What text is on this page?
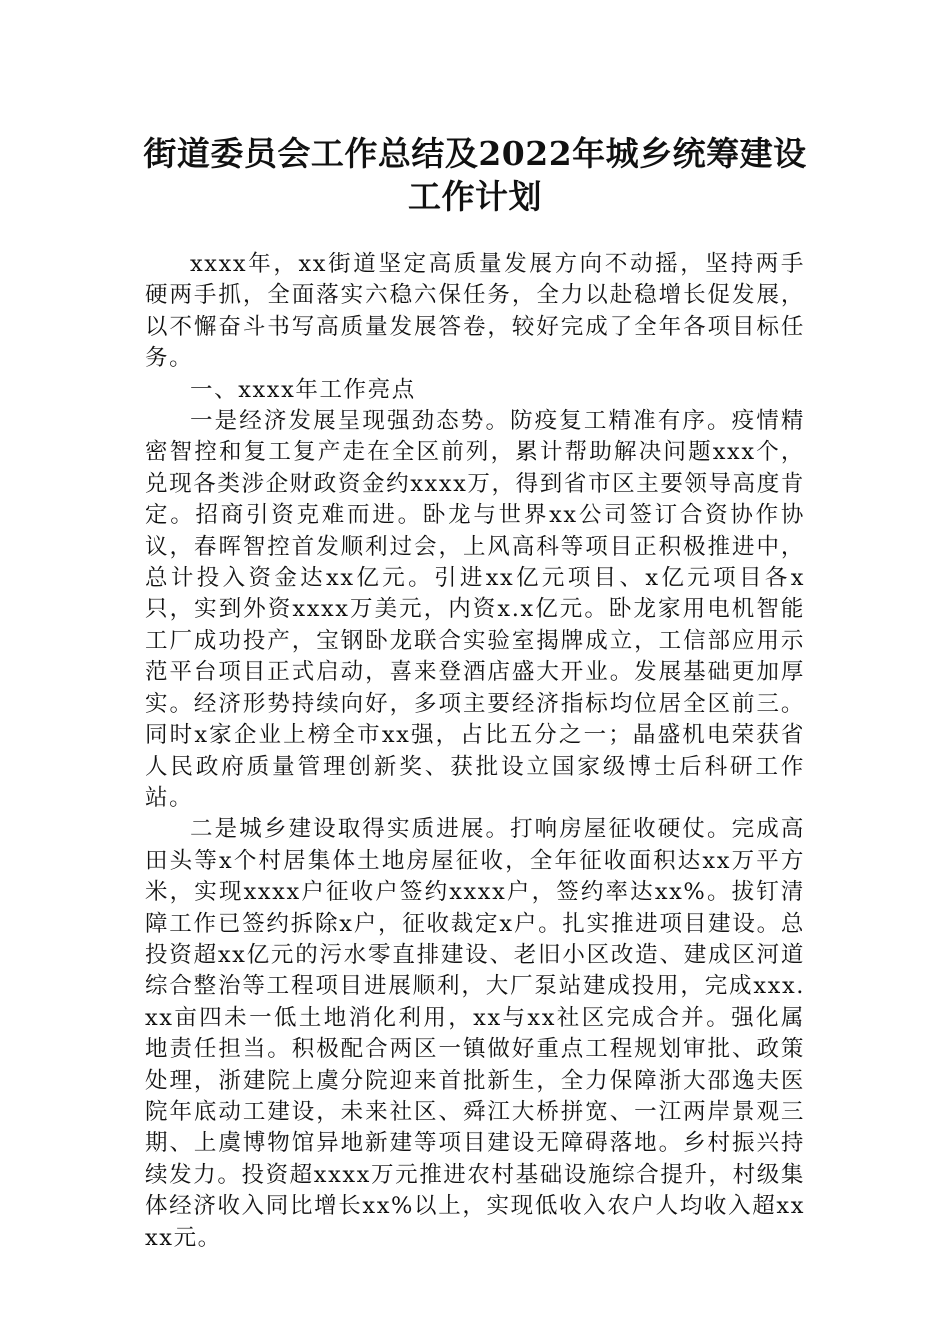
街道委员会工作总结及2022年城乡统筹建设工作计划

xxxx年，xx街道坚定高质量发展方向不动摇，坚持两手硬两手抓，全面落实六稳六保任务，全力以赴稳增长促发展，以不懈奋斗书写高质量发展答卷，较好完成了全年各项目标任务。

一、xxxx年工作亮点

一是经济发展呈现强劲态势。防疫复工精准有序。疫情精密智控和复工复产走在全区前列，累计帮助解决问题xxx个，兑现各类涉企财政资金约xxxx万，得到省市区主要领导高度肯定。招商引资克难而进。卧龙与世界xx公司签订合资协作协议，春晖智控首发顺利过会，上风高科等项目正积极推进中，总计投入资金达xx亿元。引进xx亿元项目、x亿元项目各x只，实到外资xxxx万美元，内资x.x亿元。卧龙家用电机智能工厂成功投产，宝钢卧龙联合实验室揭牌成立，工信部应用示范平台项目正式启动，喜来登酒店盛大开业。发展基础更加厚实。经济形势持续向好，多项主要经济指标均位居全区前三。同时x家企业上榜全市xx强，占比五分之一；晶盛机电荣获省人民政府质量管理创新奖、获批设立国家级博士后科研工作站。

二是城乡建设取得实质进展。打响房屋征收硬仗。完成高田头等x个村居集体土地房屋征收，全年征收面积达xx万平方米，实现xxxx户征收户签约xxxx户，签约率达xx%。拔钉清障工作已签约拆除x户，征收裁定x户。扎实推进项目建设。总投资超xx亿元的污水零直排建设、老旧小区改造、建成区河道综合整治等工程项目进展顺利，大厂泵站建成投用，完成xxx.xx亩四未一低土地消化利用，xx与xx社区完成合并。强化属地责任担当。积极配合两区一镇做好重点工程规划审批、政策处理，浙建院上虞分院迎来首批新生，全力保障浙大邵逸夫医院年底动工建设，未来社区、舜江大桥拼宽、一江两岸景观三期、上虞博物馆异地新建等项目建设无障碍落地。乡村振兴持续发力。投资超xxxx万元推进农村基础设施综合提升，村级集体经济收入同比增长xx%以上，实现低收入农户人均收入超xxxx元。
